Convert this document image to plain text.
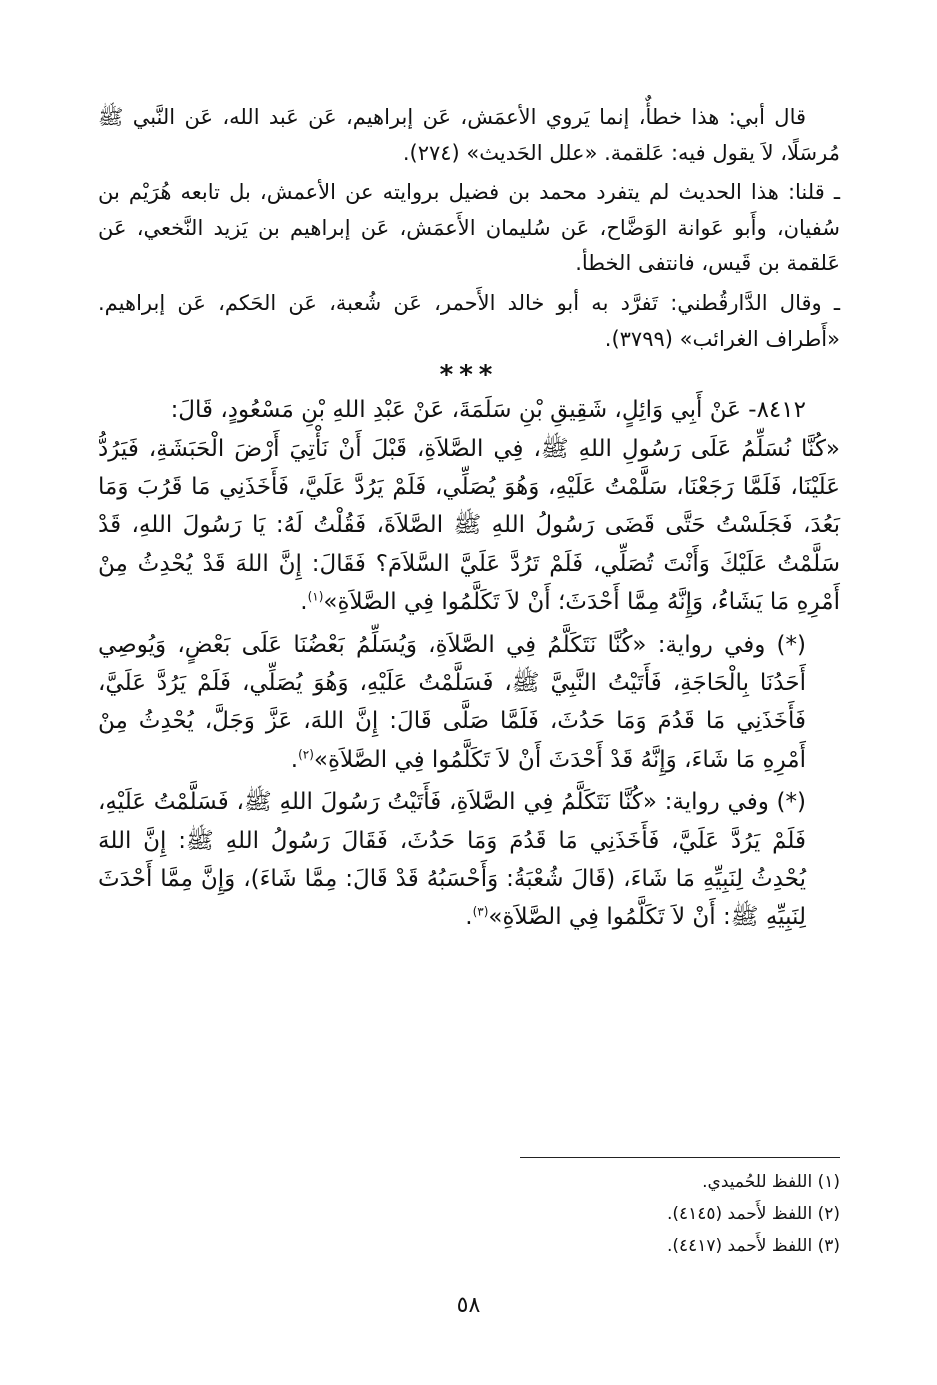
قال أبي: هذا خطأٌ، إنما يَروي الأعمَش، عَن إبراهيم، عَن عَبد الله، عَن النَّبي ﷺ مُرسَلًا، لاَ يقول فيه: عَلقمة. «علل الحَديث» (٢٧٤).

ـ قلنا: هذا الحديث لم يتفرد محمد بن فضيل بروايته عن الأعمش، بل تابعه هُرَيْم بن سُفيان، وأَبو عَوانة الوَضَّاح، عَن سُليمان الأَعمَش، عَن إبراهيم بن يَزيد النَّخعي، عَن عَلقمة بن قَيس، فانتفى الخطأ.

ـ وقال الدَّارقُطني: تَفرَّد به أبو خالد الأَحمر، عَن شُعبة، عَن الحَكم، عَن إبراهيم. «أَطراف الغرائب» (٣٧٩٩).

***

٨٤١٢- عَنْ أَبِي وَائِلٍ، شَقِيقِ بْنِ سَلَمَةَ، عَنْ عَبْدِ اللهِ بْنِ مَسْعُودٍ، قَالَ:

«كُنَّا نُسَلِّمُ عَلَى رَسُولِ اللهِ ﷺ، فِي الصَّلاَةِ، قَبْلَ أَنْ نَأْتِيَ أَرْضَ الْحَبَشَةِ، فَيَرُدُّ عَلَيْنَا، فَلَمَّا رَجَعْنَا، سَلَّمْتُ عَلَيْهِ، وَهُوَ يُصَلِّي، فَلَمْ يَرُدَّ عَلَيَّ، فَأَخَذَنِي مَا قَرُبَ وَمَا بَعُدَ، فَجَلَسْتُ حَتَّى قَضَى رَسُولُ اللهِ ﷺ الصَّلاَةَ، فَقُلْتُ لَهُ: يَا رَسُولَ اللهِ، قَدْ سَلَّمْتُ عَلَيْكَ وَأَنْتَ تُصَلِّي، فَلَمْ تَرُدَّ عَلَيَّ السَّلاَمَ؟ فَقَالَ: إِنَّ اللهَ قَدْ يُحْدِثُ مِنْ أَمْرِهِ مَا يَشَاءُ، وَإِنَّهُ مِمَّا أَحْدَثَ؛ أَنْ لاَ تَكَلَّمُوا فِي الصَّلاَةِ»$^{(١)}$.

(*) وفي رواية: «كُنَّا نَتَكَلَّمُ فِي الصَّلاَةِ، وَيُسَلِّمُ بَعْضُنَا عَلَى بَعْضٍ، وَيُوصِي أَحَدُنَا بِالْحَاجَةِ، فَأَتَيْتُ النَّبِيَّ ﷺ، فَسَلَّمْتُ عَلَيْهِ، وَهُوَ يُصَلِّي، فَلَمْ يَرُدَّ عَلَيَّ، فَأَخَذَنِي مَا قَدُمَ وَمَا حَدُثَ، فَلَمَّا صَلَّى قَالَ: إِنَّ اللهَ، عَزَّ وَجَلَّ، يُحْدِثُ مِنْ أَمْرِهِ مَا شَاءَ، وَإِنَّهُ قَدْ أَحْدَثَ أَنْ لاَ تَكَلَّمُوا فِي الصَّلاَةِ»$^{(٢)}$.

(*) وفي رواية: «كُنَّا نَتَكَلَّمُ فِي الصَّلاَةِ، فَأَتَيْتُ رَسُولَ اللهِ ﷺ، فَسَلَّمْتُ عَلَيْهِ، فَلَمْ يَرُدَّ عَلَيَّ، فَأَخَذَنِي مَا قَدُمَ وَمَا حَدُثَ، فَقَالَ رَسُولُ اللهِ ﷺ: إِنَّ اللهَ يُحْدِثُ لِنَبِيِّهِ مَا شَاءَ، (قَالَ شُعْبَةُ: وَأَحْسَبُهُ قَدْ قَالَ: مِمَّا شَاءَ)، وَإِنَّ مِمَّا أَحْدَثَ لِنَبِيِّهِ ﷺ: أَنْ لاَ تَكَلَّمُوا فِي الصَّلاَةِ»$^{(٣)}$.

(١) اللفظ للحُميدي.

(٢) اللفظ لأَحمد (٤١٤٥).

(٣) اللفظ لأَحمد (٤٤١٧).

٥٨
